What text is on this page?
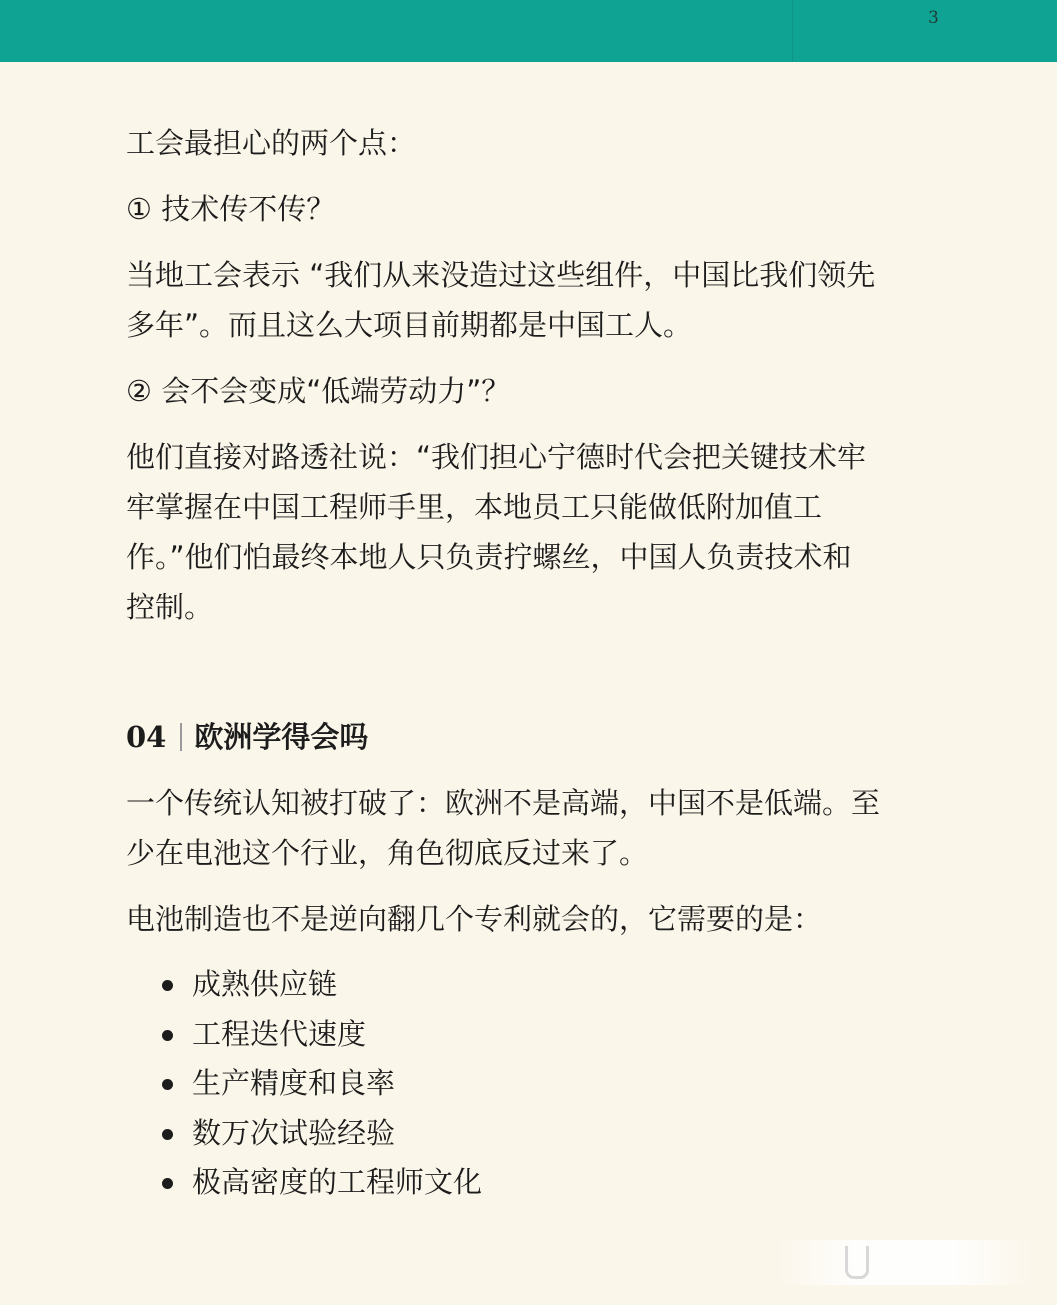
3

工会最担心的两个点：

① 技术传不传？

当地工会表示 “我们从来没造过这些组件，中国比我们领先

多年”。而且这么大项目前期都是中国工人。

② 会不会变成“低端劳动力”？

他们直接对路透社说：“我们担心宁德时代会把关键技术牢

牢掌握在中国工程师手里，本地员工只能做低附加值工

作。”他们怕最终本地人只负责拧螺丝，中国人负责技术和

控制。

04 欧洲学得会吗

一个传统认知被打破了：欧洲不是高端，中国不是低端。至

少在电池这个行业，角色彻底反过来了。

电池制造也不是逆向翻几个专利就会的，它需要的是：

成熟供应链
工程迭代速度
生产精度和良率
数万次试验经验
极高密度的工程师文化
